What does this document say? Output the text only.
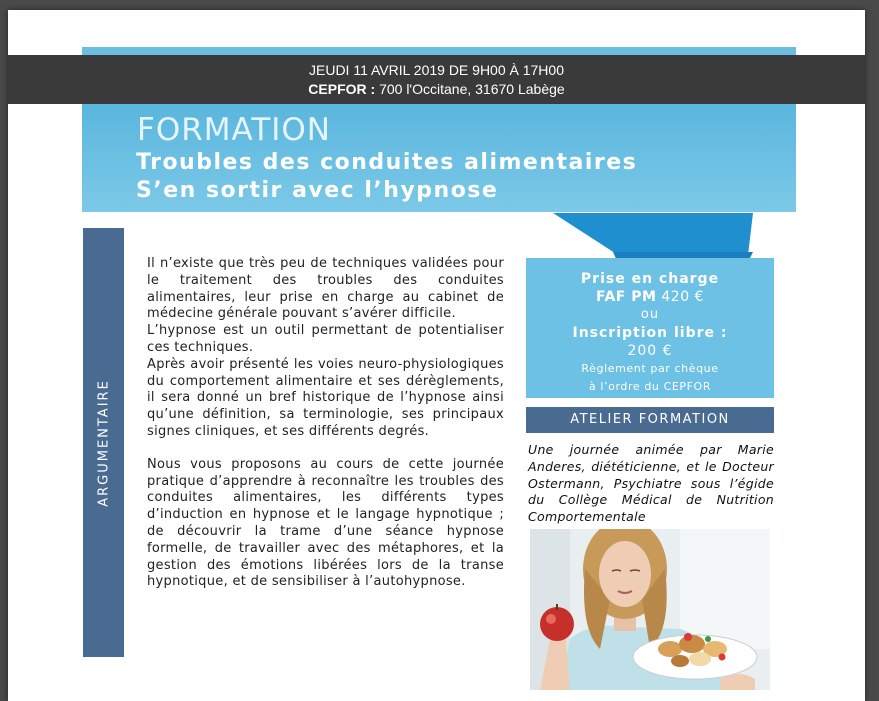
JEUDI 11 AVRIL 2019 DE 9H00 À 17H00
CEPFOR : 700 l'Occitane, 31670 Labège
FORMATION
Troubles des conduites alimentaires
S’en sortir avec l’hypnose
ARGUMENTAIRE

Il n’existe que très peu de techniques validées pour le traitement des troubles des conduites alimentaires, leur prise en charge au cabinet de médecine générale pouvant s’avérer difficile.

L’hypnose est un outil permettant de potentialiser ces techniques.

Après avoir présenté les voies neuro-physiologiques du comportement alimentaire et ses dérèglements, il sera donné un bref historique de l’hypnose ainsi qu’une définition, sa terminologie, ses principaux signes cliniques, et ses différents degrés.

Nous vous proposons au cours de cette journée pratique d’apprendre à reconnaître les troubles des conduites alimentaires, les différents types d’induction en hypnose et le langage hypnotique ; de découvrir la trame d’une séance hypnose formelle, de travailler avec des métaphores, et la gestion des émotions libérées lors de la transe hypnotique, et de sensibiliser à l’autohypnose.

Prise en charge
FAF PM 420 €
ou
Inscription libre :
200 €
Règlement par chèque
à l’ordre du CEPFOR
ATELIER FORMATION
Une journée animée par Marie Anderes, diététicienne, et le Docteur Ostermann, Psychiatre sous l’égide du Collège Médical de Nutrition Comportementale
